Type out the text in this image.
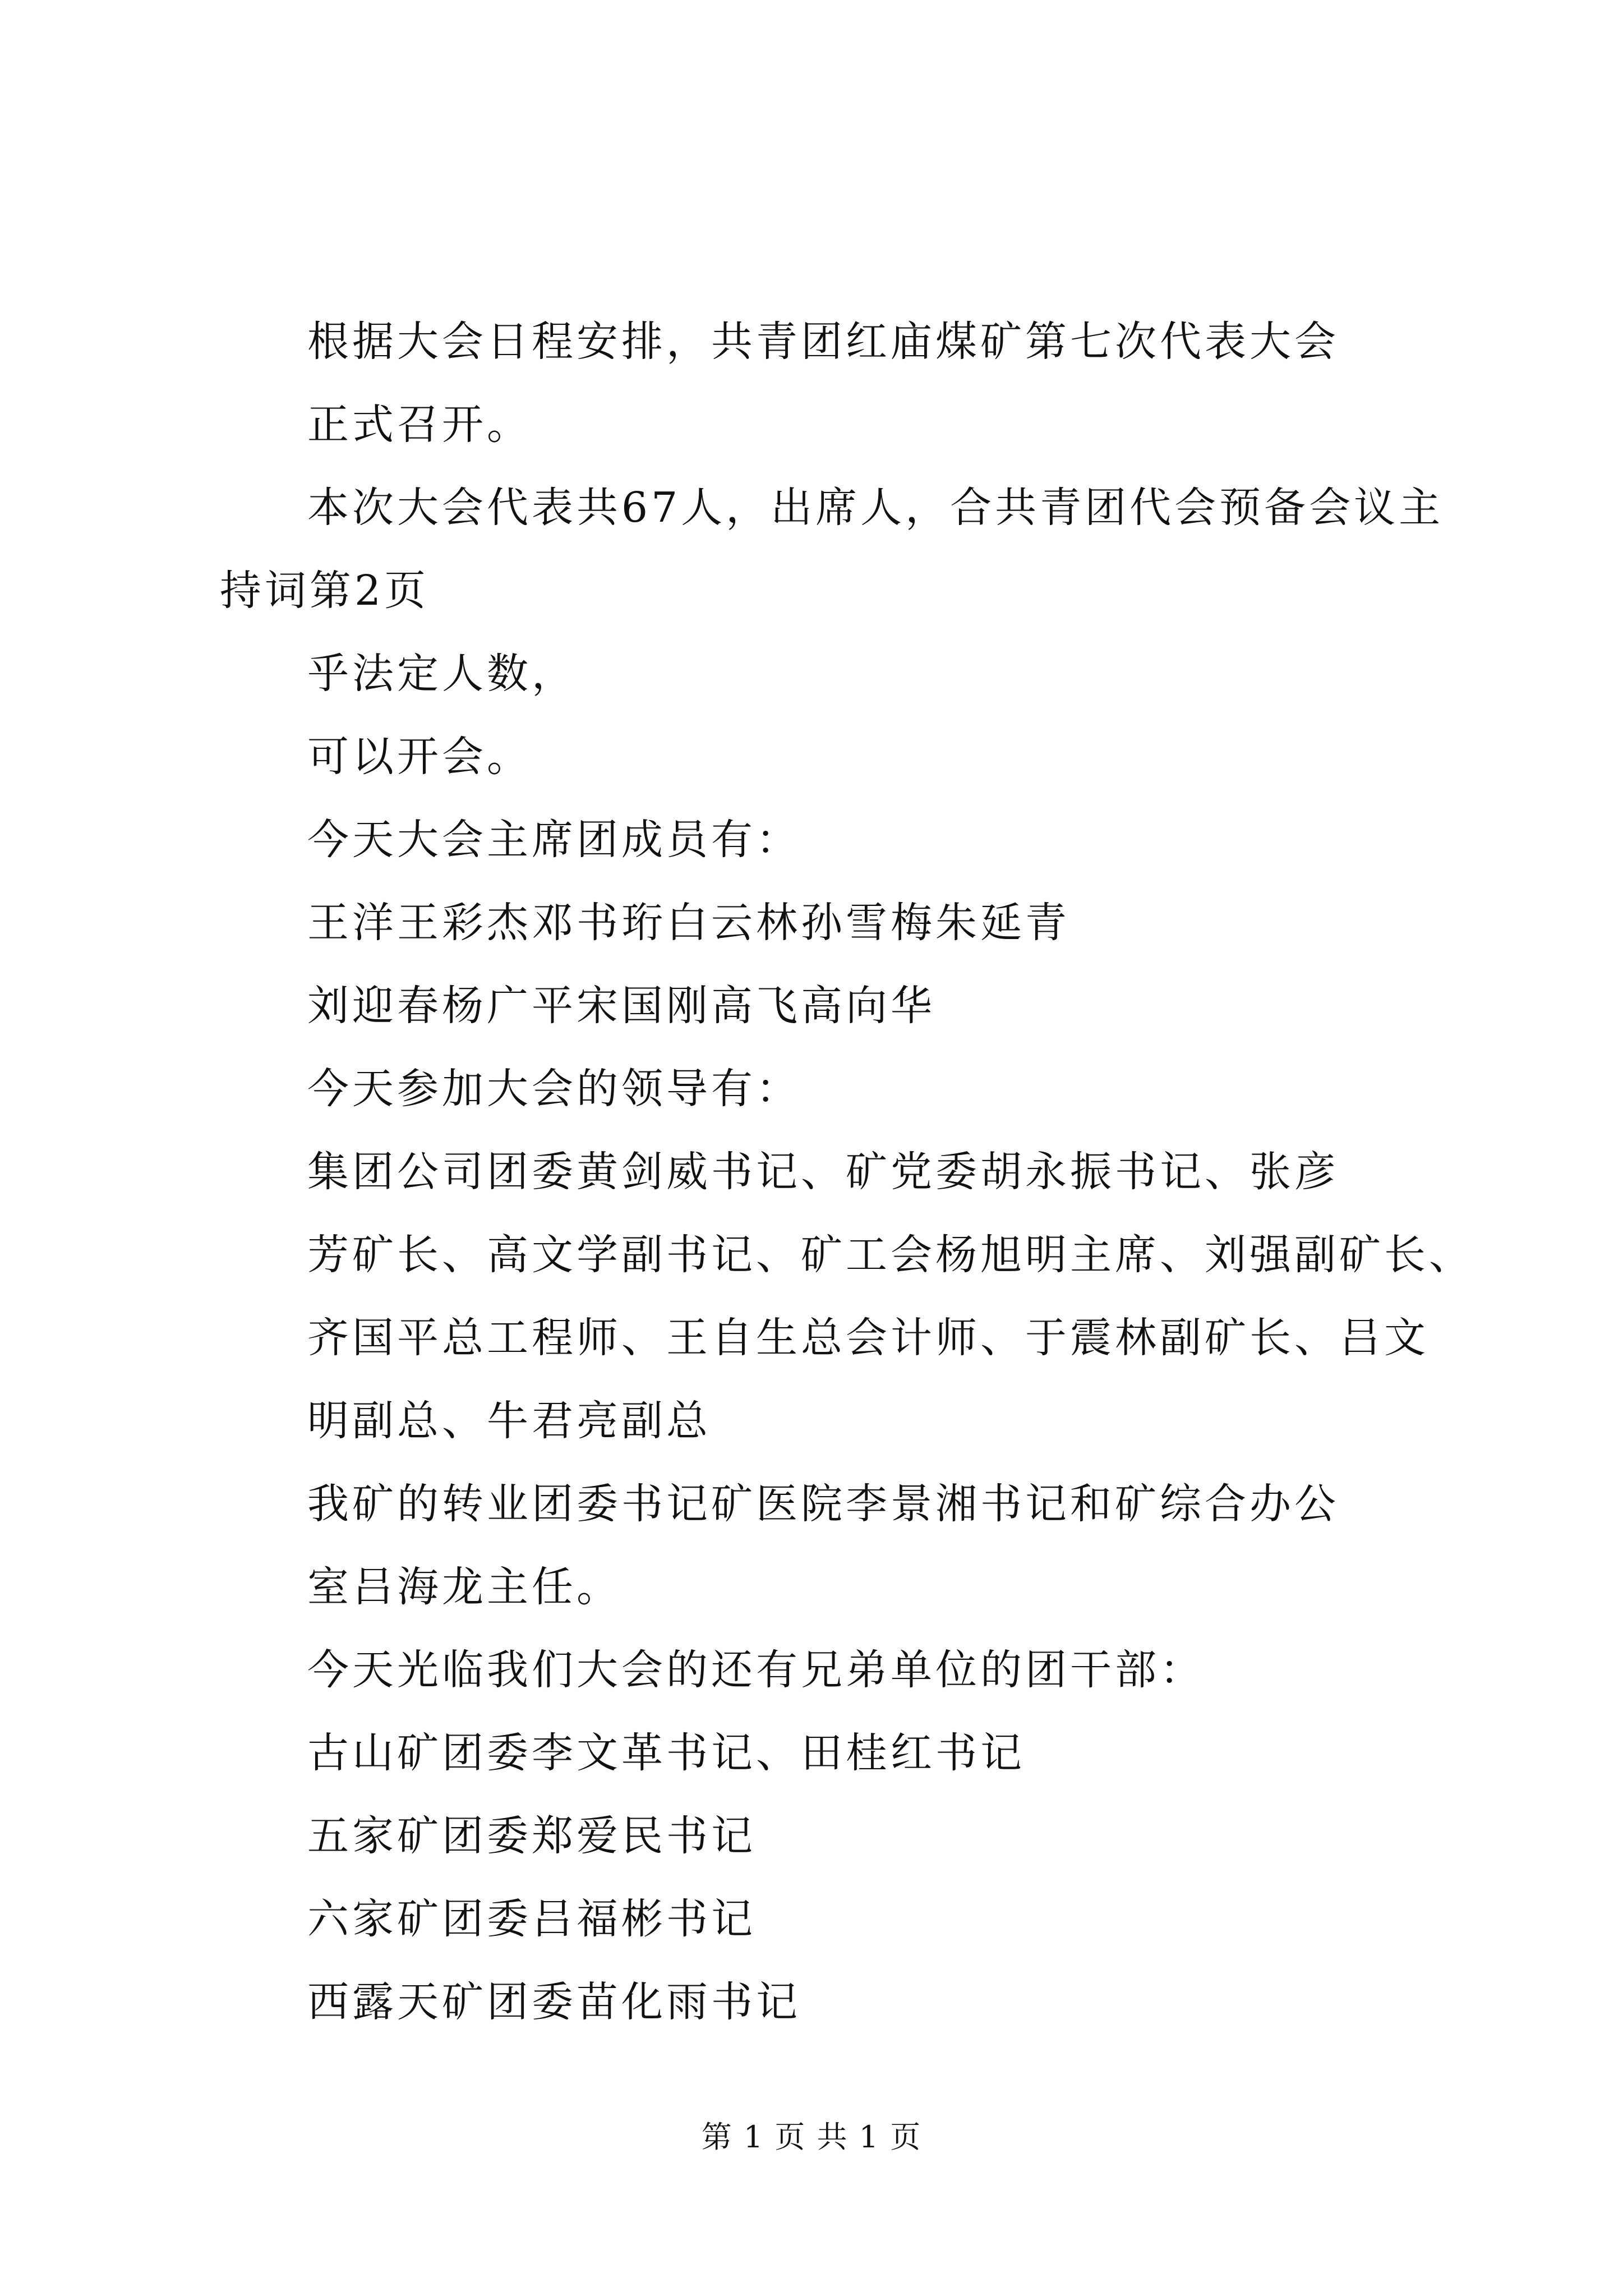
根据大会日程安排，共青团红庙煤矿第七次代表大会
正式召开。
本次大会代表共67人，出席人，合共青团代会预备会议主
持词第2页
乎法定人数，
可以开会。
今天大会主席团成员有：
王洋王彩杰邓书珩白云林孙雪梅朱延青
刘迎春杨广平宋国刚高飞高向华
今天参加大会的领导有：
集团公司团委黄剑威书记、矿党委胡永振书记、张彦
芳矿长、高文学副书记、矿工会杨旭明主席、刘强副矿长、
齐国平总工程师、王自生总会计师、于震林副矿长、吕文
明副总、牛君亮副总
我矿的转业团委书记矿医院李景湘书记和矿综合办公
室吕海龙主任。
今天光临我们大会的还有兄弟单位的团干部：
古山矿团委李文革书记、田桂红书记
五家矿团委郑爱民书记
六家矿团委吕福彬书记
西露天矿团委苗化雨书记
第 1 页 共 1 页
